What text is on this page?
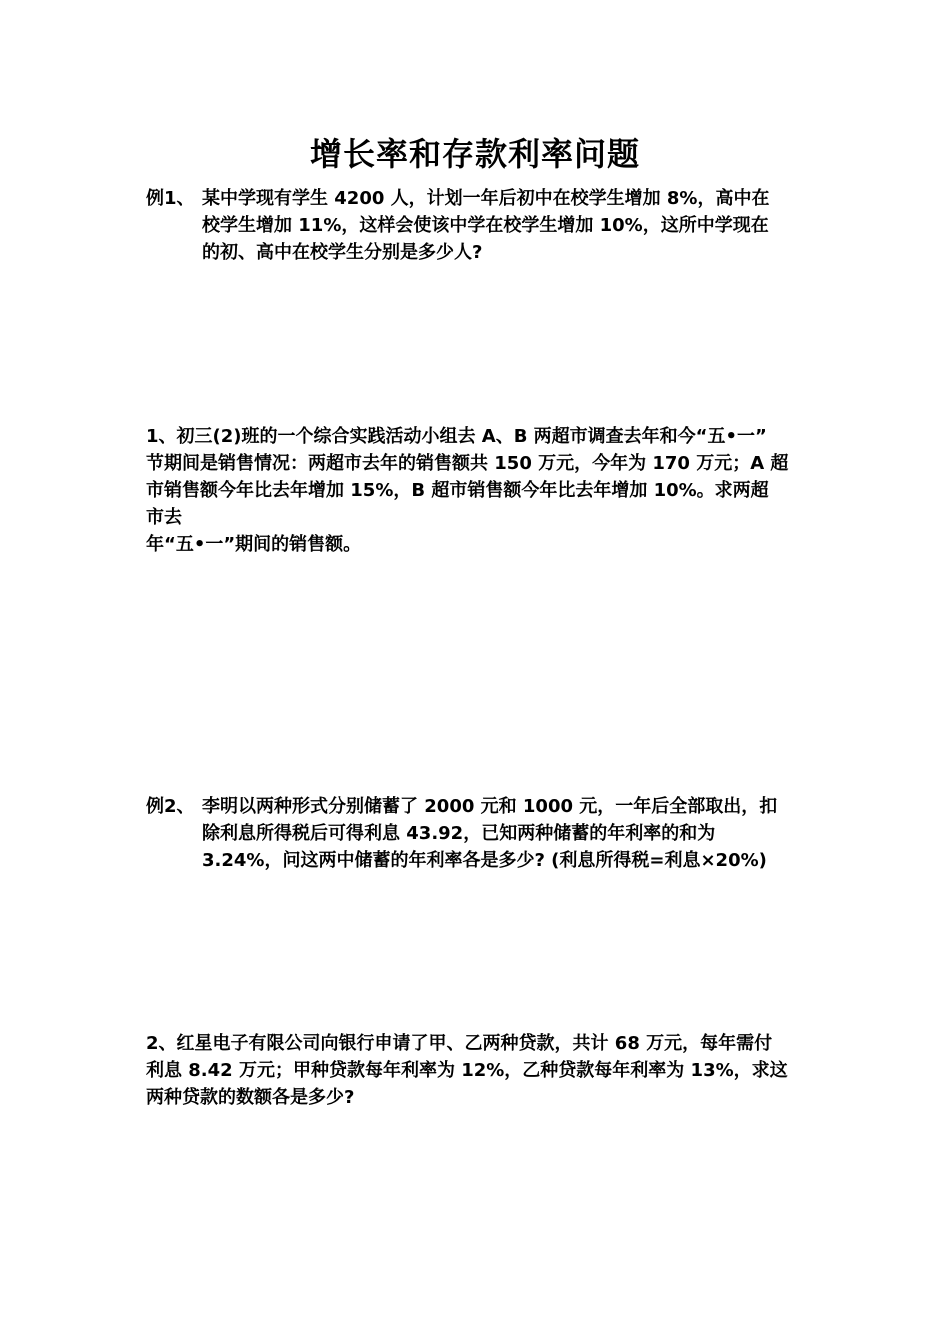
增长率和存款利率问题
例1、 某中学现有学生 4200 人，计划一年后初中在校学生增加 8%，高中在

校学生增加 11%，这样会使该中学在校学生增加 10%，这所中学现在

的初、高中在校学生分别是多少人?

1、初三(2)班的一个综合实践活动小组去 A、B 两超市调查去年和今“五•一”

节期间是销售情况：两超市去年的销售额共 150 万元，今年为 170 万元；A 超

市销售额今年比去年增加 15%，B 超市销售额今年比去年增加 10%。求两超

市去

年“五•一”期间的销售额。

例2、 李明以两种形式分别储蓄了 2000 元和 1000 元，一年后全部取出，扣

除利息所得税后可得利息 43.92，已知两种储蓄的年利率的和为

3.24%，问这两中储蓄的年利率各是多少? (利息所得税=利息×20%)

2、红星电子有限公司向银行申请了甲、乙两种贷款，共计 68 万元，每年需付

利息 8.42 万元；甲种贷款每年利率为 12%，乙种贷款每年利率为 13%，求这

两种贷款的数额各是多少?
